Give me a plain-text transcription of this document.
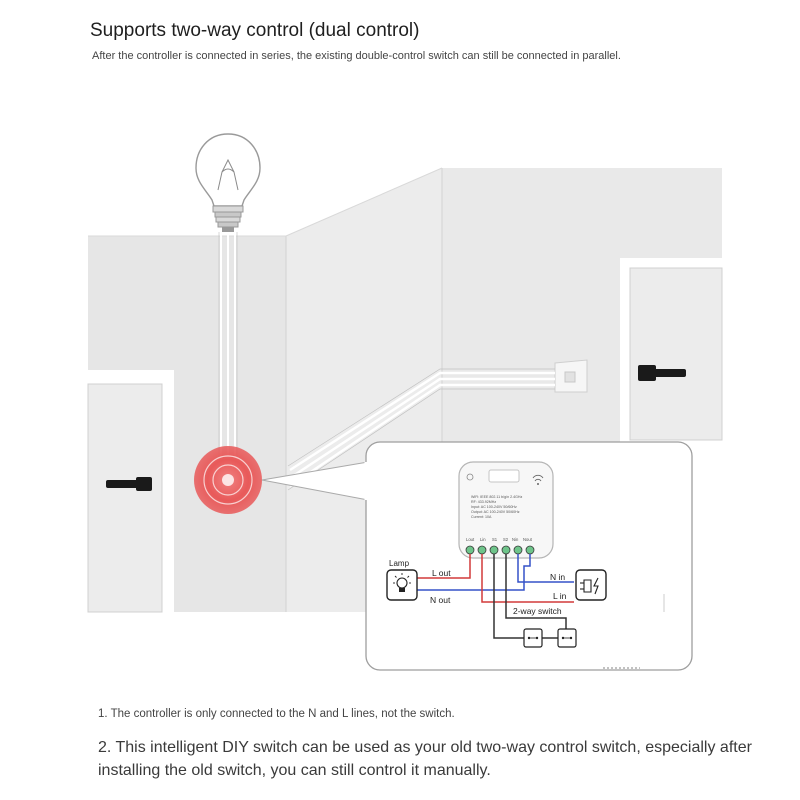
Supports two-way control (dual control)
After the controller is connected in series, the existing double-control switch can still be connected in parallel.
WiFi: IEEE 802.11 b/g/n 2.4GHz
RF: 433.92MHz
Input: AC 100-240V 50/60Hz
Output: AC 100-240V 50/60Hz
Current: 10A
Lout Lin S1 S2 Nin Nout
Lamp
L out
N out
N in
L in
2-way switch
1. The controller is only connected to the N and L lines, not the switch.
2. This intelligent DIY switch can be used as your old two-way control switch, especially after installing the old switch, you can still control it manually.
